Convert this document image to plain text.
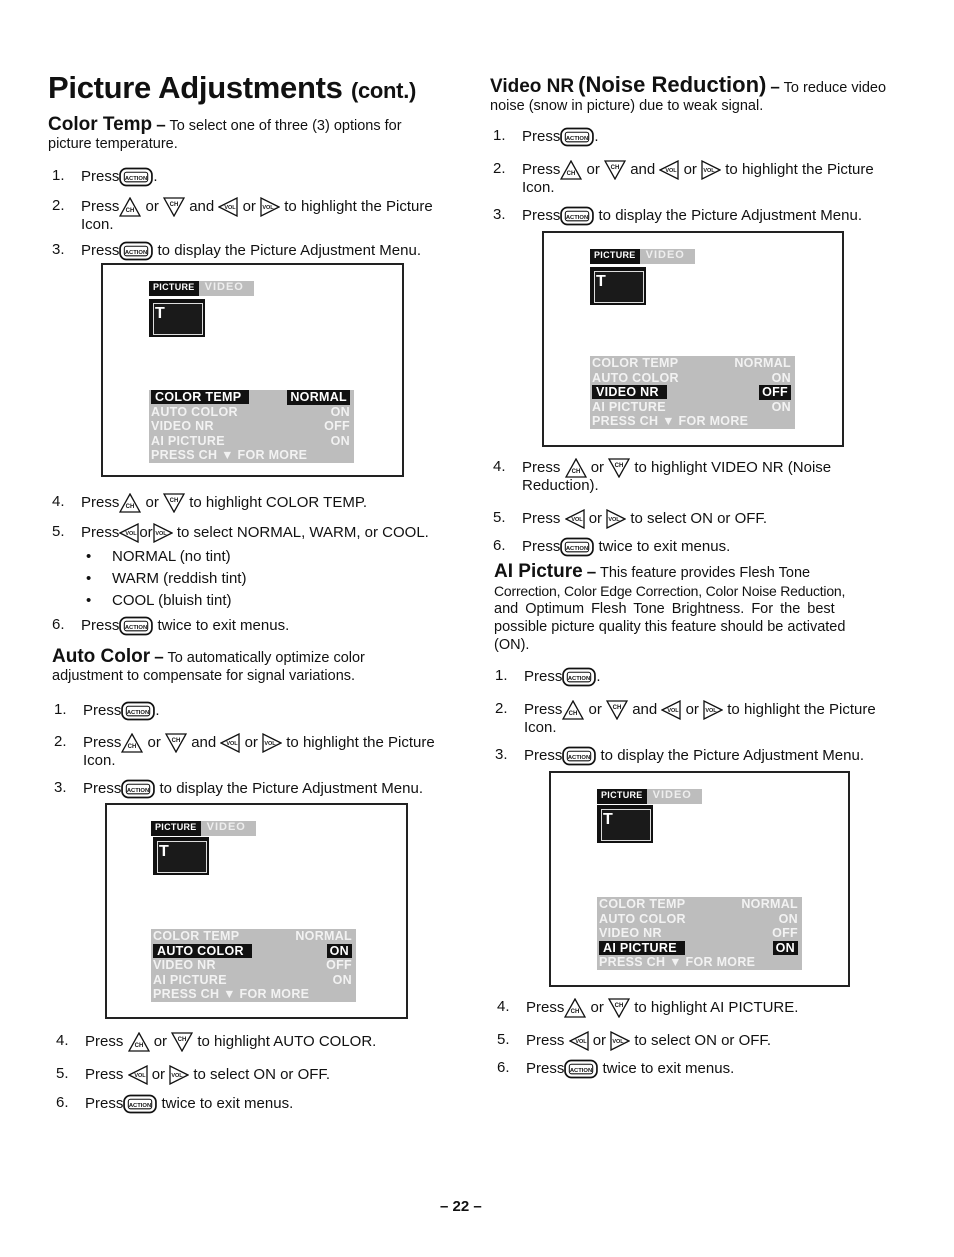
Picture Adjustments (cont.)
Color Temp – To select one of three (3) options for
picture temperature.
1. Press .
2. Press or and or to highlight the Picture
Icon.
3. Press	to display the Picture Adjustment Menu.
PICTURE VIDEO
T
COLOR TEMP	NORMAL
AUTO COLOR	ON
VIDEO NR	OFF
AI PICTURE	ON
PRESS CH ▼ FOR MORE
4. Press or to highlight COLOR TEMP.
5. Press or to select NORMAL, WARM, or COOL.
• NORMAL (no tint)
• WARM (reddish tint)
• COOL (bluish tint)
6. Press	twice to exit menus.
Auto Color – To automatically optimize color
adjustment to compensate for signal variations.
1. Press .
2. Press or and or to highlight the Picture
Icon.
3. Press	to display the Picture Adjustment Menu.
PICTURE VIDEO
T
COLOR TEMP	NORMAL
AUTO COLOR	ON
VIDEO NR	OFF
AI PICTURE	ON
PRESS CH ▼ FOR MORE
4. Press or to highlight AUTO COLOR.
5. Press or to select ON or OFF.
6. Press	twice to exit menus.
Video NR (Noise Reduction) – To reduce video
noise (snow in picture) due to weak signal.
1. Press .
2. Press or and or to highlight the Picture
Icon.
3. Press	to display the Picture Adjustment Menu.
PICTURE VIDEO
T
COLOR TEMP	NORMAL
AUTO COLOR	ON
VIDEO NR	OFF
AI PICTURE	ON
PRESS CH ▼ FOR MORE
4. Press or to highlight VIDEO NR (Noise
Reduction).
5. Press or to select ON or OFF.
6. Press	twice to exit menus.
AI Picture – This feature provides Flesh Tone
Correction, Color Edge Correction, Color Noise Reduction,
and Optimum Flesh Tone Brightness. For the best
possible picture quality this feature should be activated
(ON).
1. Press .
2. Press or and or to highlight the Picture
Icon.
3. Press	to display the Picture Adjustment Menu.
PICTURE VIDEO
T
COLOR TEMP	NORMAL
AUTO COLOR	ON
VIDEO NR	OFF
AI PICTURE	ON
PRESS CH ▼ FOR MORE
4. Press or to highlight AI PICTURE.
5. Press or to select ON or OFF.
6. Press	twice to exit menus.
– 22 –
